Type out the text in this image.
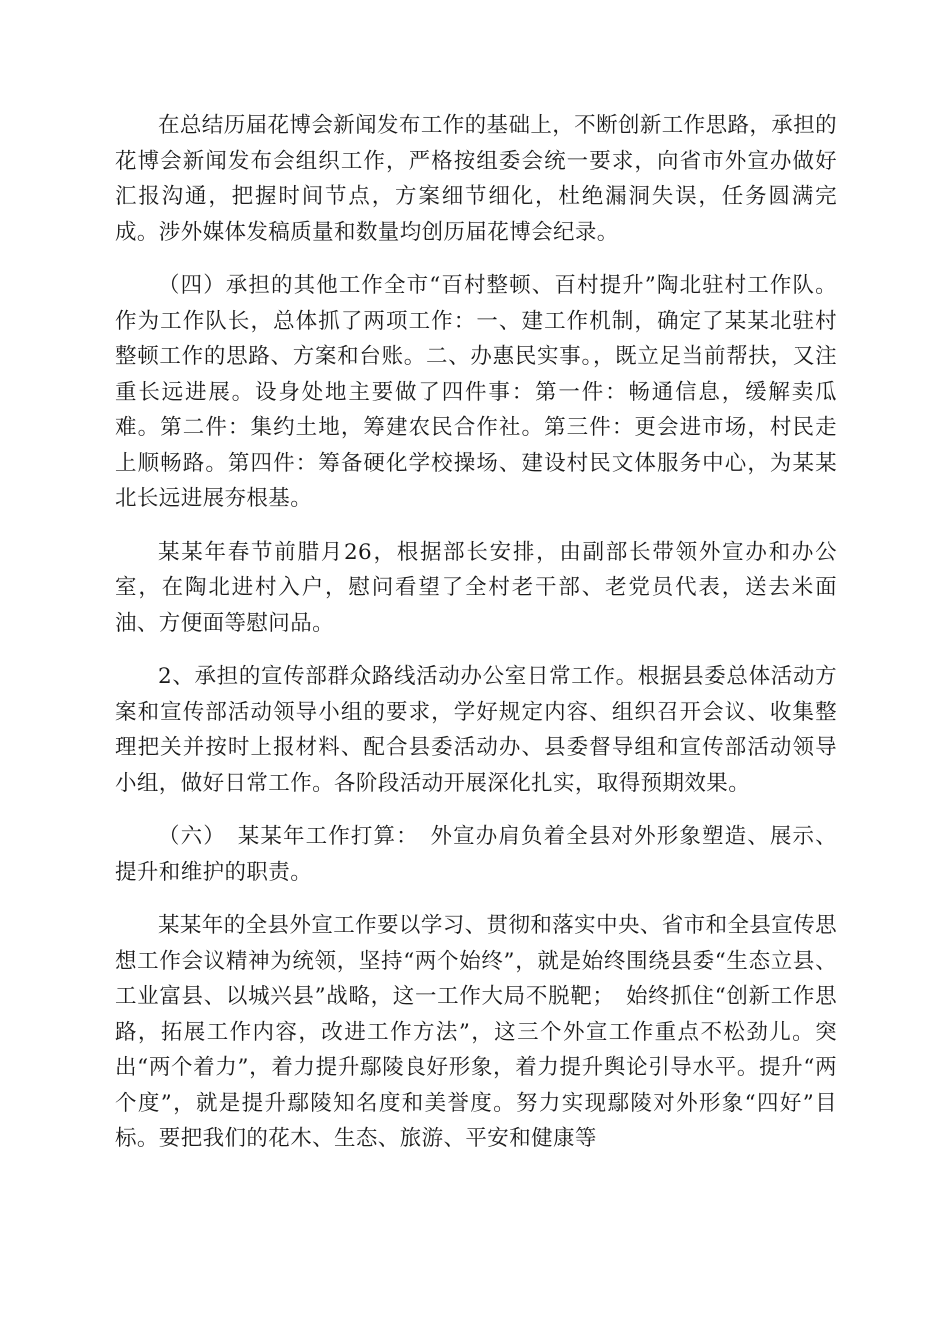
在总结历届花博会新闻发布工作的基础上，不断创新工作思路，承担的花博会新闻发布会组织工作，严格按组委会统一要求，向省市外宣办做好汇报沟通，把握时间节点，方案细节细化，杜绝漏洞失误，任务圆满完成。涉外媒体发稿质量和数量均创历届花博会纪录。

（四）承担的其他工作全市“百村整顿、百村提升”陶北驻村工作队。作为工作队长，总体抓了两项工作：一、建工作机制，确定了某某北驻村整顿工作的思路、方案和台账。二、办惠民实事。，既立足当前帮扶，又注重长远进展。设身处地主要做了四件事：第一件：畅通信息，缓解卖瓜难。第二件：集约土地，筹建农民合作社。第三件：更会进市场，村民走上顺畅路。第四件：筹备硬化学校操场、建设村民文体服务中心，为某某北长远进展夯根基。

某某年春节前腊月26，根据部长安排，由副部长带领外宣办和办公室，在陶北进村入户，慰问看望了全村老干部、老党员代表，送去米面油、方便面等慰问品。

2、承担的宣传部群众路线活动办公室日常工作。根据县委总体活动方案和宣传部活动领导小组的要求，学好规定内容、组织召开会议、收集整理把关并按时上报材料、配合县委活动办、县委督导组和宣传部活动领导小组，做好日常工作。各阶段活动开展深化扎实，取得预期效果。

（六）　某某年工作打算：　外宣办肩负着全县对外形象塑造、展示、提升和维护的职责。

某某年的全县外宣工作要以学习、贯彻和落实中央、省市和全县宣传思想工作会议精神为统领，坚持“两个始终”，就是始终围绕县委“生态立县、工业富县、以城兴县”战略，这一工作大局不脱靶；　始终抓住“创新工作思路，拓展工作内容，改进工作方法”，这三个外宣工作重点不松劲儿。突出“两个着力”，着力提升鄢陵良好形象，着力提升舆论引导水平。提升“两个度”，就是提升鄢陵知名度和美誉度。努力实现鄢陵对外形象“四好”目标。要把我们的花木、生态、旅游、平安和健康等
